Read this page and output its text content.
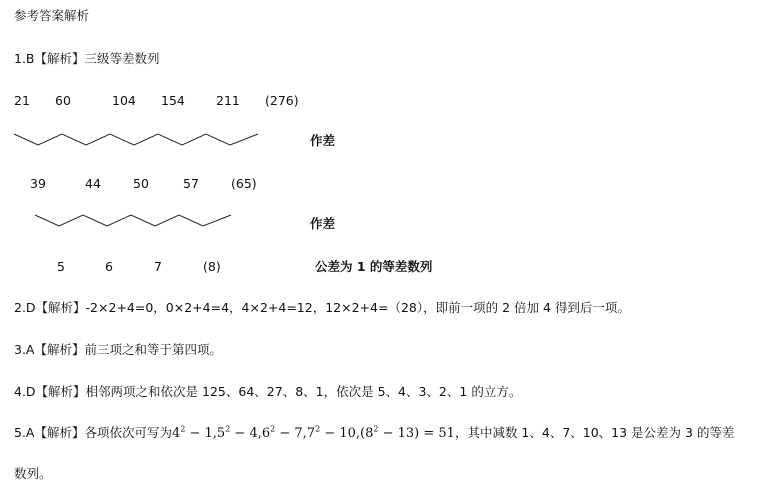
参考答案解析
1.B【解析】三级等差数列
21 60	104 154 211 (276)
作差
39	44	50	57	(65)
作差
5	6	7	(8)	公差为 1 的等差数列
2.D【解析】-2×2+4=0，0×2+4=4，4×2+4=12，12×2+4=（28），即前一项的 2 倍加 4 得到后一项。
3.A【解析】前三项之和等于第四项。
4.D【解析】相邻两项之和依次是 125、64、27、8、1，依次是 5、4、3、2、1 的立方。
5.A【解析】各项依次可写为$4^2 - 1,5^2 - 4,6^2 - 7,7^2 - 10,(8^2 - 13) = 51$，其中减数 1、4、7、10、13 是公差为 3 的等差
数列。
